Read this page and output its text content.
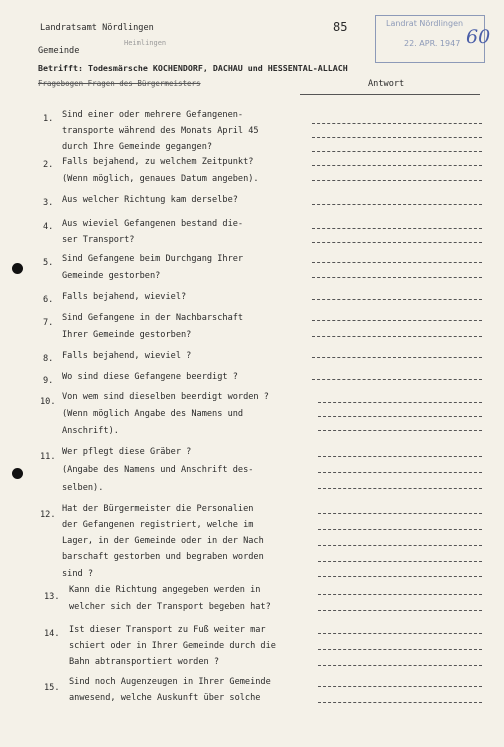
Landratsamt Nördlingen	85
Gemeinde
Heimlingen
Betrifft: Todesmärsche KOCHENDORF, DACHAU und HESSENTAL-ALLACH
Fragebogen Fragen des Bürgermeisters	Antwort
Landrat Nördlingen
22. APR. 1947 60
1. Sind einer oder mehrere Gefangenen-
transporte während des Monats April 45
durch Ihre Gemeinde gegangen?
2. Falls bejahend, zu welchem Zeitpunkt?
(Wenn möglich, genaues Datum angeben).
3. Aus welcher Richtung kam derselbe?
4. Aus wieviel Gefangenen bestand die-
ser Transport?
5. Sind Gefangene beim Durchgang Ihrer
Gemeinde gestorben?
6. Falls bejahend, wieviel?
7. Sind Gefangene in der Nachbarschaft
Ihrer Gemeinde gestorben?
8. Falls bejahend, wieviel ?
9. Wo sind diese Gefangene beerdigt ?
10. Von wem sind dieselben beerdigt worden ?
(Wenn möglich Angabe des Namens und
Anschrift).
11. Wer pflegt diese Gräber ?
(Angabe des Namens und Anschrift des-
selben).
12.
Hat der Bürgermeister die Personalien
der Gefangenen registriert, welche im
Lager, in der Gemeinde oder in der Nach
barschaft gestorben und begraben worden
sind ?
13.
Kann die Richtung angegeben werden in
welcher sich der Transport begeben hat?
14. Ist dieser Transport zu Fuß weiter mar
schiert oder in Ihrer Gemeinde durch die
Bahn abtransportiert worden ?
15.
Sind noch Augenzeugen in Ihrer Gemeinde
anwesend, welche Auskunft über solche
